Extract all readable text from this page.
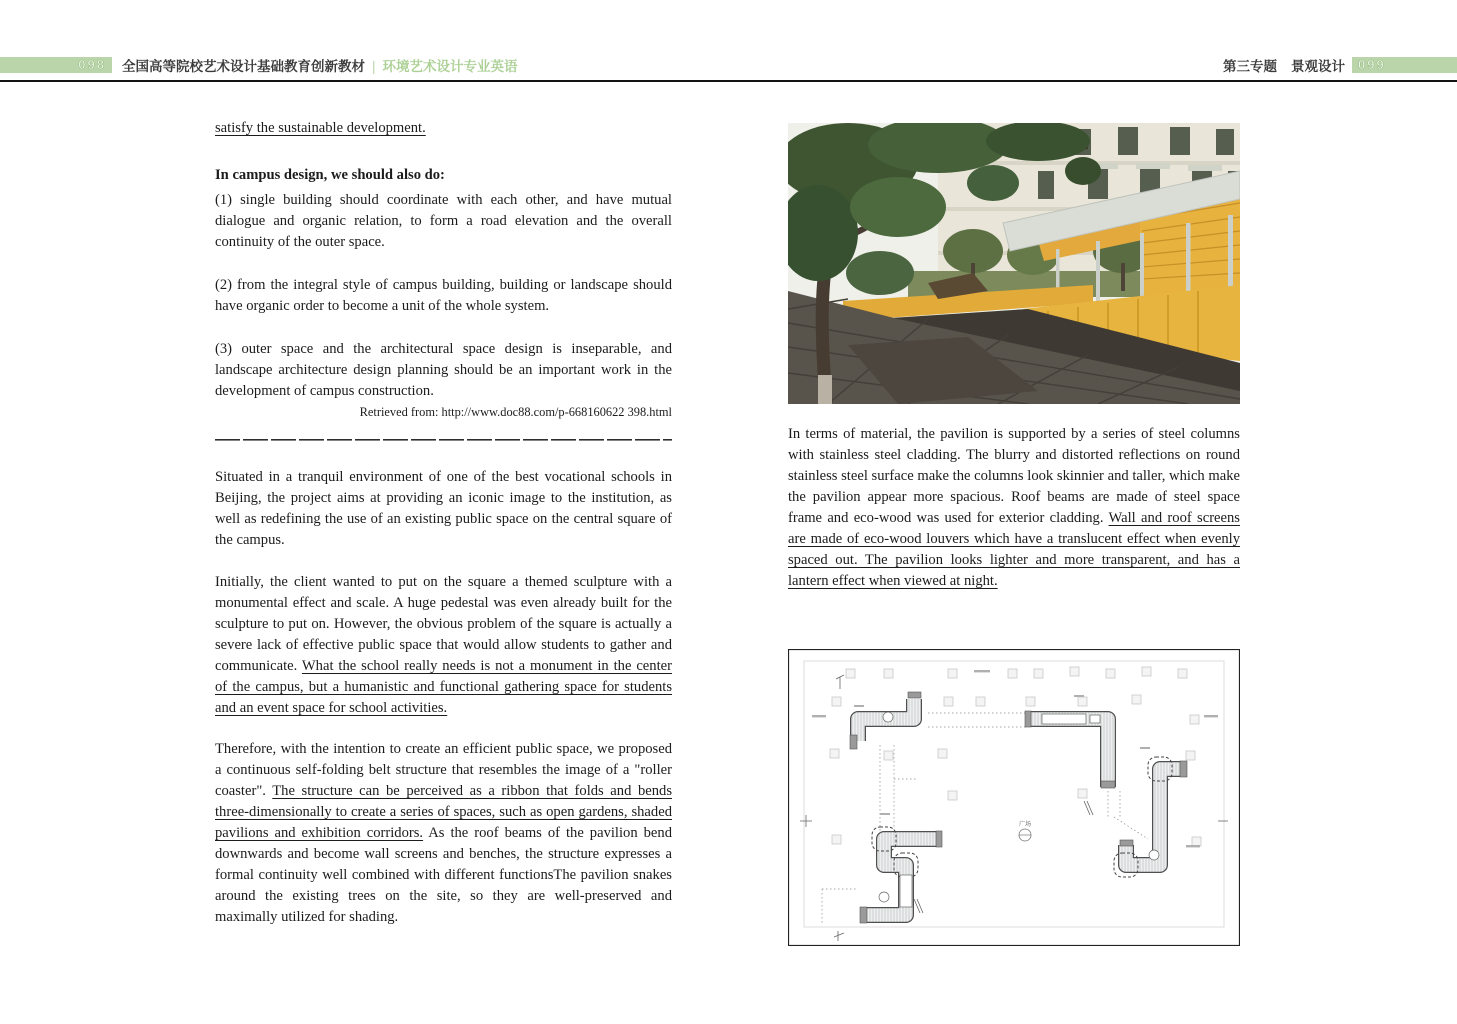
098 全国高等院校艺术设计基础教育创新教材 | 环境艺术设计专业英语	第三专题 景观设计 099

satisfy the sustainable development.

In campus design, we should also do:

(1) single building should coordinate with each other, and have mutual dialogue and organic relation, to form a road elevation and the overall continuity of the outer space.

(2) from the integral style of campus building, building or landscape should have organic order to become a unit of the whole system.

(3) outer space and the architectural space design is inseparable, and landscape architecture design planning should be an important work in the development of campus construction.

Retrieved from: http://www.doc88.com/p-668160622 398.html

Situated in a tranquil environment of one of the best vocational schools in Beijing, the project aims at providing an iconic image to the institution, as well as redefining the use of an existing public space on the central square of the campus.

Initially, the client wanted to put on the square a themed sculpture with a monumental effect and scale. A huge pedestal was even already built for the sculpture to put on. However, the obvious problem of the square is actually a severe lack of effective public space that would allow students to gather and communicate. What the school really needs is not a monument in the center of the campus, but a humanistic and functional gathering space for students and an event space for school activities.

Therefore, with the intention to create an efficient public space, we proposed a continuous self-folding belt structure that resembles the image of a "roller coaster". The structure can be perceived as a ribbon that folds and bends three-dimensionally to create a series of spaces, such as open gardens, shaded pavilions and exhibition corridors. As the roof beams of the pavilion bend downwards and become wall screens and benches, the structure expresses a formal continuity well combined with different functionsThe pavilion snakes around the existing trees on the site, so they are well-preserved and maximally utilized for shading.

In terms of material, the pavilion is supported by a series of steel columns with stainless steel cladding. The blurry and distorted reflections on round stainless steel surface make the columns look skinnier and taller, which make the pavilion appear more spacious. Roof beams are made of steel space frame and eco-wood was used for exterior cladding. Wall and roof screens are made of eco-wood louvers which have a translucent effect when evenly spaced out. The pavilion looks lighter and more transparent, and has a lantern effect when viewed at night.

广场
